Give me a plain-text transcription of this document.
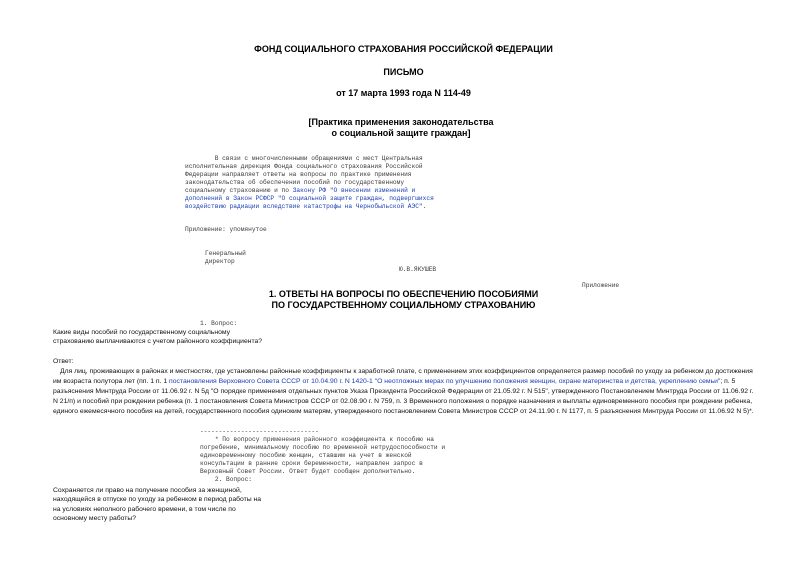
ФОНД СОЦИАЛЬНОГО СТРАХОВАНИЯ РОССИЙСКОЙ ФЕДЕРАЦИИ
ПИСЬМО
от 17 марта 1993 года N 114-49
[Практика применения законодательства
о социальной защите граждан]
В связи с многочисленными обращениями с мест Центральная
исполнительная дирекция Фонда социального страхования Российской
Федерации направляет ответы на вопросы по практике применения
законодательства об обеспечении пособий по государственному
социальному страхованию и по Закону РФ "О внесении изменений и
дополнений в Закон РСФСР "О социальной защите граждан, подвергшихся
воздействию радиации вследствие катастрофы на Чернобыльской АЭС".
Приложение: упомянутое
Генеральный
директор
Ю.В.ЯКУШЕВ
Приложение
1. ОТВЕТЫ НА ВОПРОСЫ ПО ОБЕСПЕЧЕНИЮ ПОСОБИЯМИ
ПО ГОСУДАРСТВЕННОМУ СОЦИАЛЬНОМУ СТРАХОВАНИЮ
1. Вопрос:
Какие виды пособий по государственному социальному
страхованию выплачиваются с учетом районного коэффициента?
Ответ:
Для лиц, проживающих в районах и местностях, где установлены районные коэффициенты к заработной плате, с применением этих коэффициентов определяется размер пособий по уходу за ребенком до достижения им возраста полутора лет (пп. 1 п. 1 постановления Верховного Совета СССР от 10.04.90 г. N 1420-1 "О неотложных мерах по улучшению положения женщин, охране материнства и детства, укреплению семьи"; п. 5 разъяснения Минтруда России от 11.06.92 г. N 5д "О порядке применения отдельных пунктов Указа Президента Российской Федерации от 21.05.92 г. N 515", утвержденного Постановлением Минтруда России от 11.06.92 г. N 21/п) и пособий при рождении ребенка (п. 1 постановления Совета Министров СССР от 02.08.90 г. N 759, п. 3 Временного положения о порядке назначения и выплаты единовременного пособия при рождении ребенка, единого ежемесячного пособия на детей, государственного пособия одиноким матерям, утвержденного постановлением Совета Министров СССР от 24.11.90 г. N 1177, п. 5 разъяснения Минтруда России от 11.06.92 N 5)*.
--------------------------------
* По вопросу применения районного коэффициента к пособию на
погребение, минимальному пособию по временной нетрудоспособности и
единовременному пособию женщин, ставшим на учет в женской
консультации в ранние сроки беременности, направлен запрос в
Верховный Совет России. Ответ будет сообщен дополнительно.
2. Вопрос:
Сохраняется ли право на получение пособия за женщиной,
находящейся в отпуске по уходу за ребенком в период работы на
на условиях неполного рабочего времени, в том числе по
основному месту работы?
